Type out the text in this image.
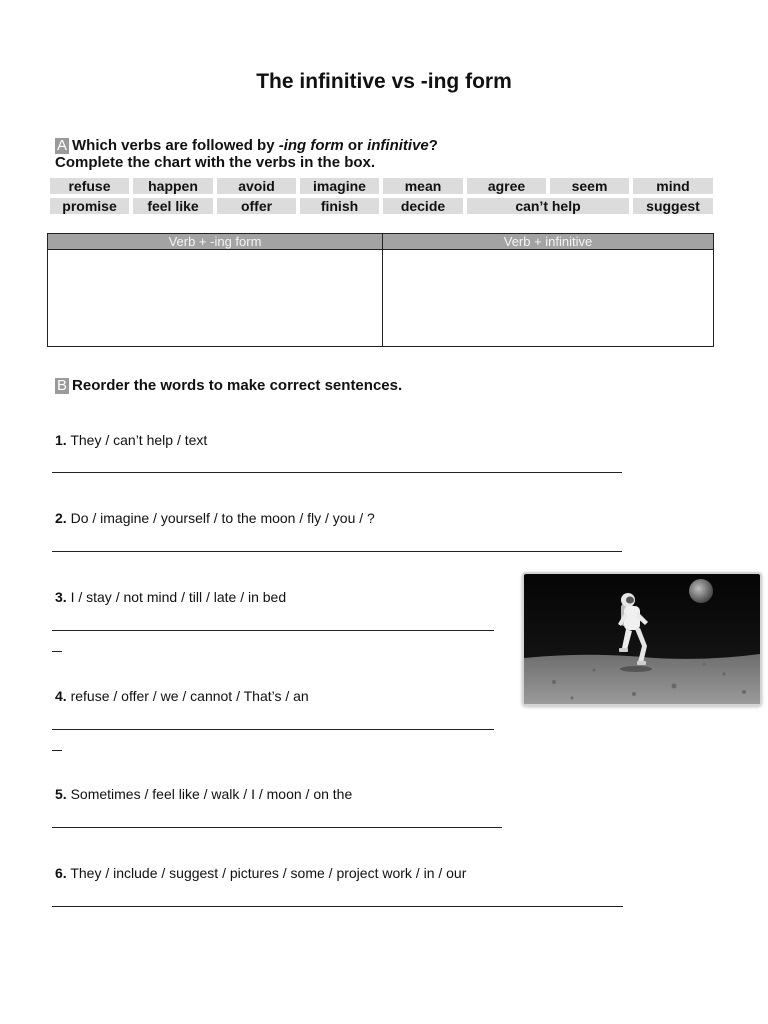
The infinitive vs -ing form
A Which verbs are followed by -ing form or infinitive?
Complete the chart with the verbs in the box.
refuse	happen	avoid	imagine	mean	agree	seem	mind
promise	feel like	offer	finish	decide	can’t help	suggest
Verb + -ing form	Verb + infinitive
B Reorder the words to make correct sentences.
1. They / can’t help / text
2. Do / imagine / yourself / to the moon / fly / you / ?
3. I / stay / not mind / till / late / in bed
4. refuse / offer / we / cannot / That’s / an
5. Sometimes / feel like / walk / I / moon / on the
6. They / include / suggest / pictures / some / project work / in / our
